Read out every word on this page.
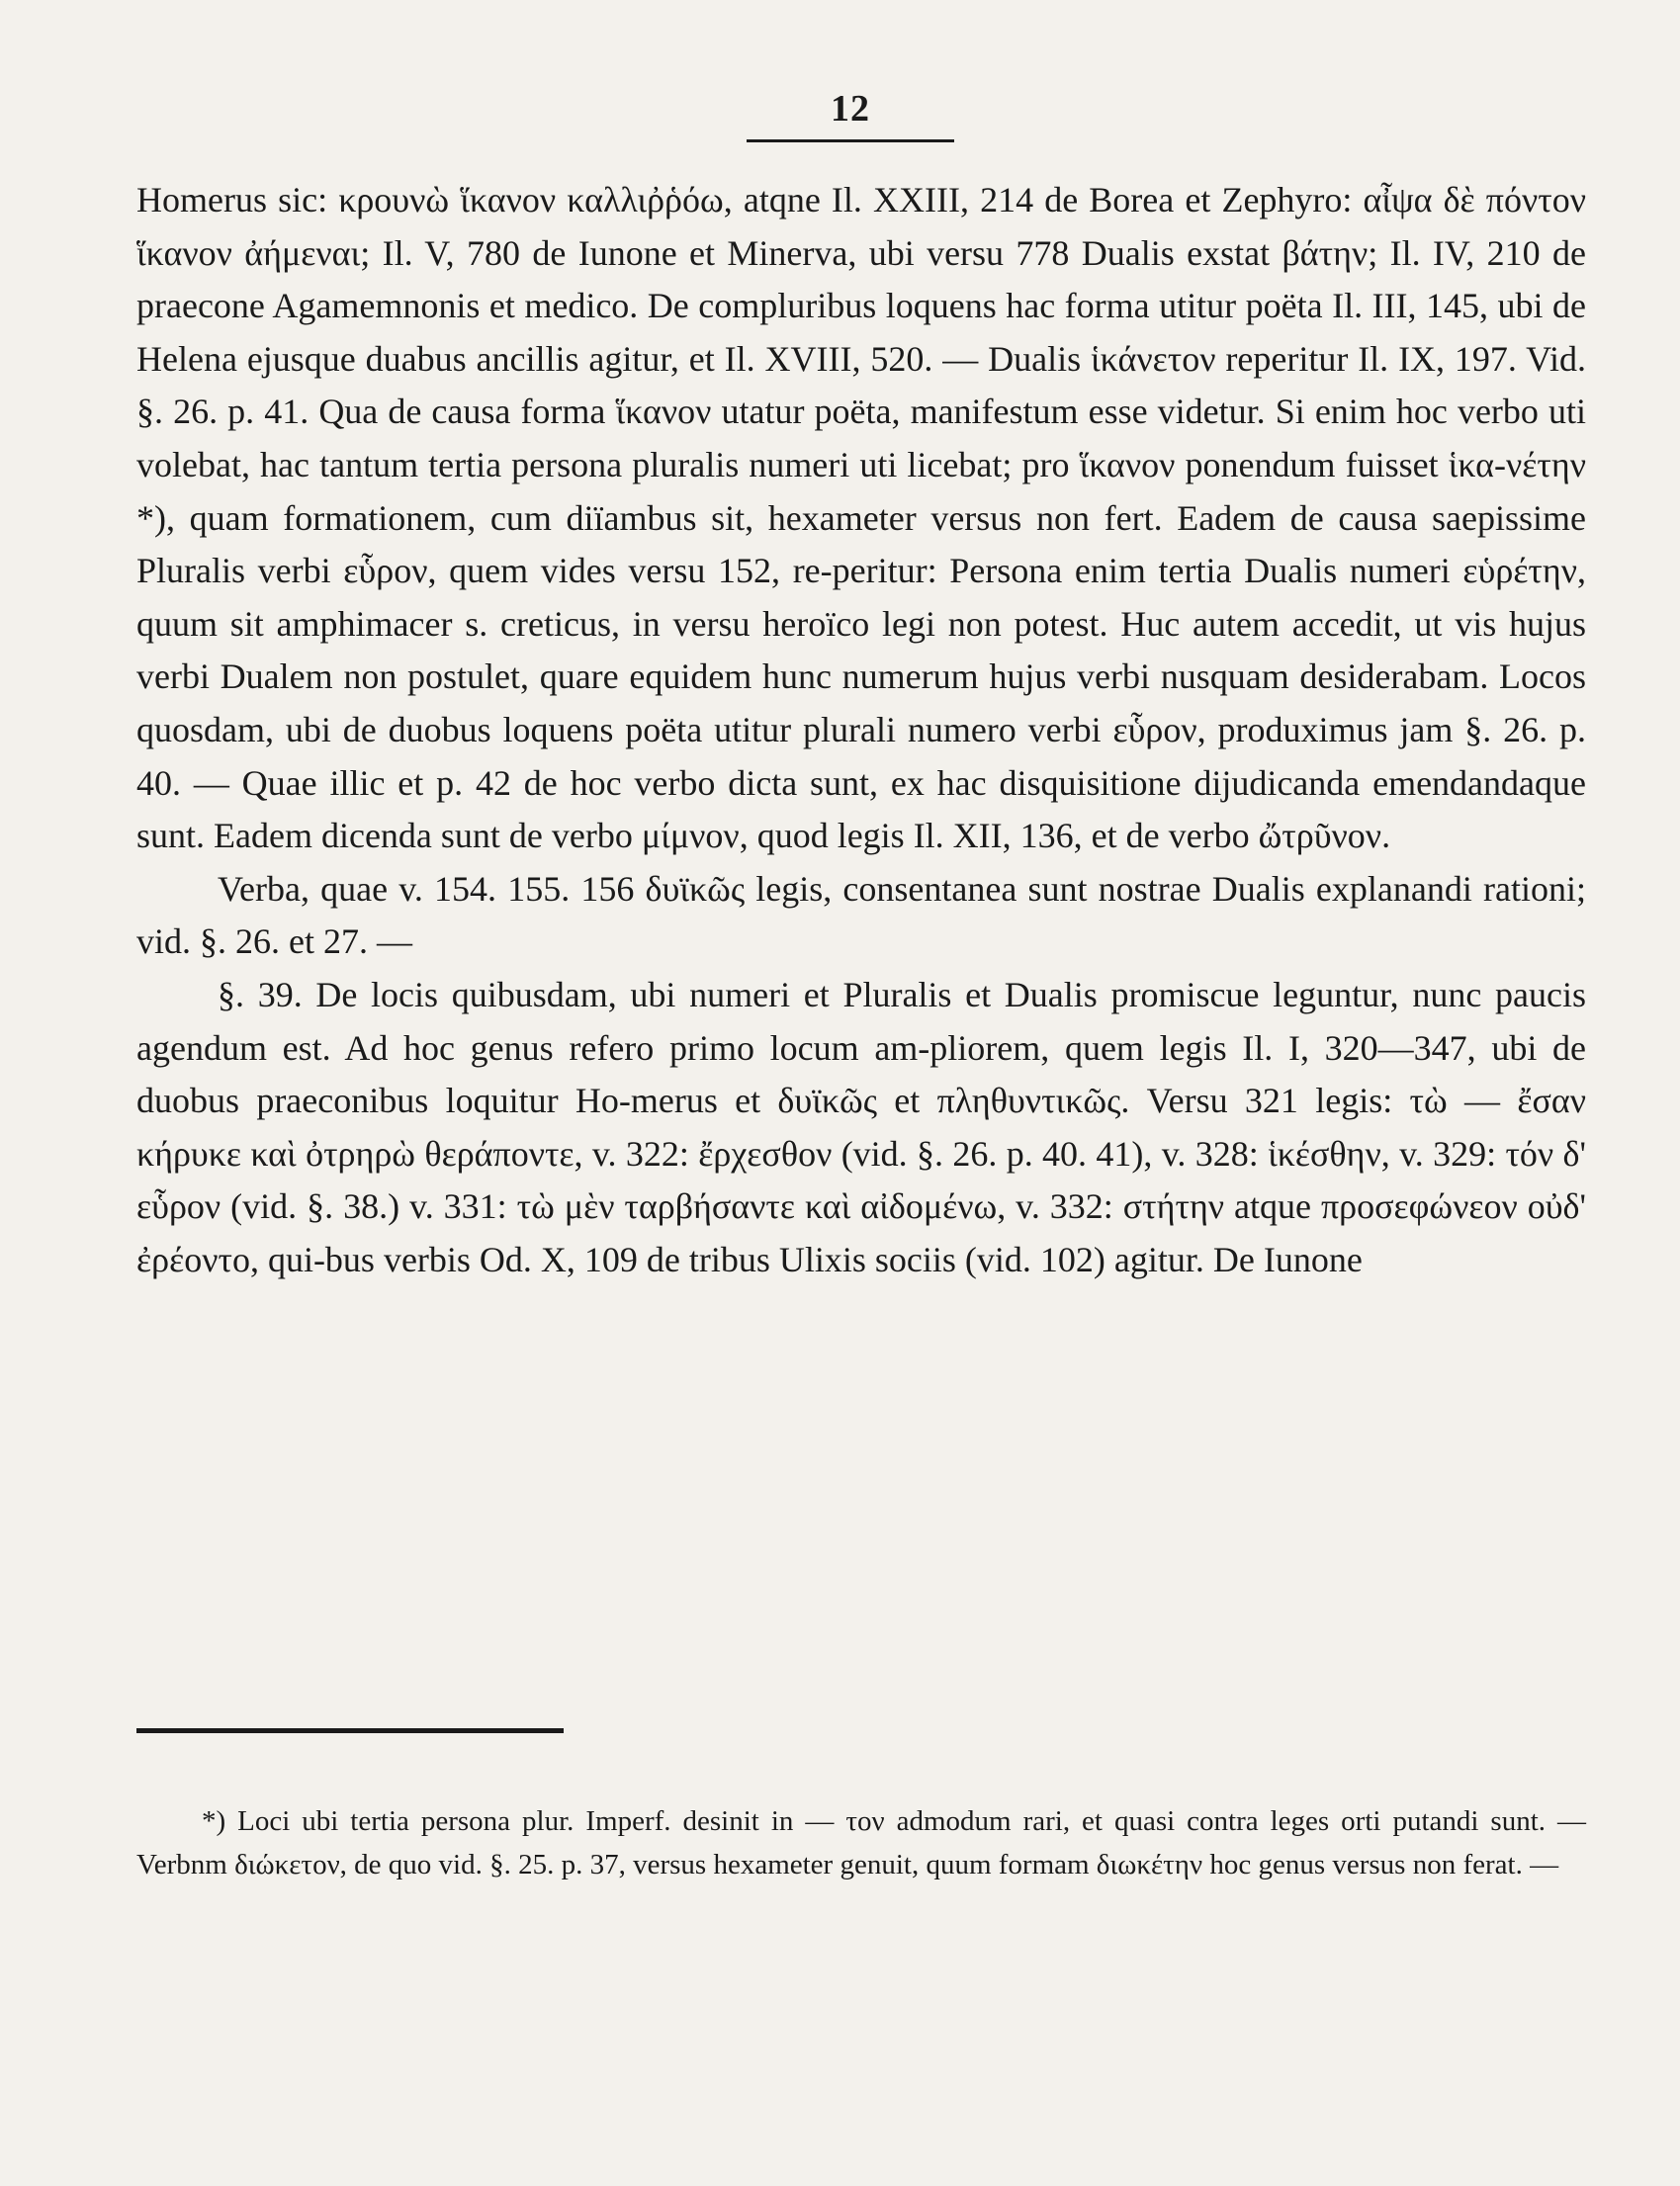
12

Homerus sic: κρουνὼ ἵκανον καλλιῤῥόω, atqne Il. XXIII, 214 de Borea et Zephyro: αἶψα δὲ πόντον ἵκανον ἀήμεναι; Il. V, 780 de Iunone et Minerva, ubi versu 778 Dualis exstat βάτην; Il. IV, 210 de praecone Agamemnonis et medico. De compluribus loquens hac forma utitur poëta Il. III, 145, ubi de Helena ejusque duabus ancillis agitur, et Il. XVIII, 520. — Dualis ἱκάνετον reperitur Il. IX, 197. Vid. §. 26. p. 41. Qua de causa forma ἵκανον utatur poëta, manifestum esse videtur. Si enim hoc verbo uti volebat, hac tantum tertia persona pluralis numeri uti licebat; pro ἵκανον ponendum fuisset ἱκα-νέτην *), quam formationem, cum diïambus sit, hexameter versus non fert. Eadem de causa saepissime Pluralis verbi εὗρον, quem vides versu 152, re-peritur: Persona enim tertia Dualis numeri εὑρέτην, quum sit amphimacer s. creticus, in versu heroïco legi non potest. Huc autem accedit, ut vis hujus verbi Dualem non postulet, quare equidem hunc numerum hujus verbi nusquam desiderabam. Locos quosdam, ubi de duobus loquens poëta utitur plurali numero verbi εὗρον, produximus jam §. 26. p. 40. — Quae illic et p. 42 de hoc verbo dicta sunt, ex hac disquisitione dijudicanda emendandaque sunt. Eadem dicenda sunt de verbo μίμνον, quod legis Il. XII, 136, et de verbo ὤτρῦνον.

Verba, quae v. 154. 155. 156 δυϊκῶς legis, consentanea sunt nostrae Dualis explanandi rationi; vid. §. 26. et 27. —

§. 39. De locis quibusdam, ubi numeri et Pluralis et Dualis promiscue leguntur, nunc paucis agendum est. Ad hoc genus refero primo locum am-pliorem, quem legis Il. I, 320—347, ubi de duobus praeconibus loquitur Ho-merus et δυϊκῶς et πληθυντικῶς. Versu 321 legis: τὼ — ἔσαν κήρυκε καὶ ὀτρηρὼ θεράποντε, v. 322: ἔρχεσθον (vid. §. 26. p. 40. 41), v. 328: ἱκέσθην, v. 329: τόν δ' εὗρον (vid. §. 38.) v. 331: τὼ μὲν ταρβήσαντε καὶ αἰδομένω, v. 332: στήτην atque προσεφώνεον οὐδ' ἐρέοντο, qui-bus verbis Od. X, 109 de tribus Ulixis sociis (vid. 102) agitur. De Iunone

*) Loci ubi tertia persona plur. Imperf. desinit in — τον admodum rari, et quasi contra leges orti putandi sunt. — Verbnm διώκετον, de quo vid. §. 25. p. 37, versus hexameter genuit, quum formam διωκέτην hoc genus versus non ferat. —
